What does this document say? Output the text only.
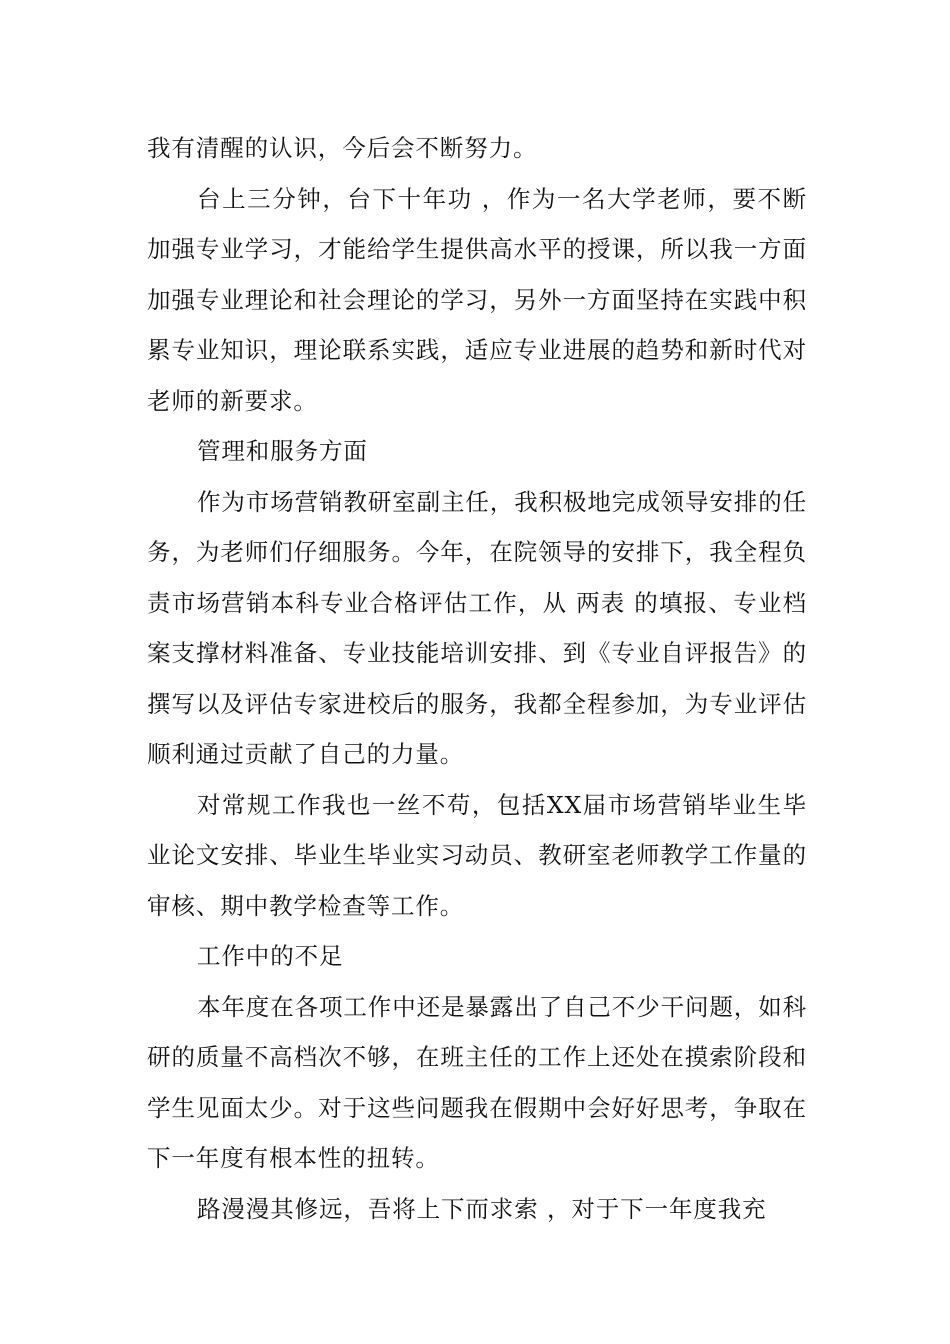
我有清醒的认识，今后会不断努力。

台上三分钟，台下十年功 ，作为一名大学老师，要不断加强专业学习，才能给学生提供高水平的授课，所以我一方面加强专业理论和社会理论的学习，另外一方面坚持在实践中积累专业知识，理论联系实践，适应专业进展的趋势和新时代对老师的新要求。

管理和服务方面

作为市场营销教研室副主任，我积极地完成领导安排的任务，为老师们仔细服务。今年，在院领导的安排下，我全程负责市场营销本科专业合格评估工作，从 两表 的填报、专业档案支撑材料准备、专业技能培训安排、到《专业自评报告》的撰写以及评估专家进校后的服务，我都全程参加，为专业评估顺利通过贡献了自己的力量。

对常规工作我也一丝不苟，包括XX届市场营销毕业生毕业论文安排、毕业生毕业实习动员、教研室老师教学工作量的审核、期中教学检查等工作。

工作中的不足

本年度在各项工作中还是暴露出了自己不少干问题，如科研的质量不高档次不够，在班主任的工作上还处在摸索阶段和学生见面太少。对于这些问题我在假期中会好好思考，争取在下一年度有根本性的扭转。

路漫漫其修远，吾将上下而求索 ，对于下一年度我充
